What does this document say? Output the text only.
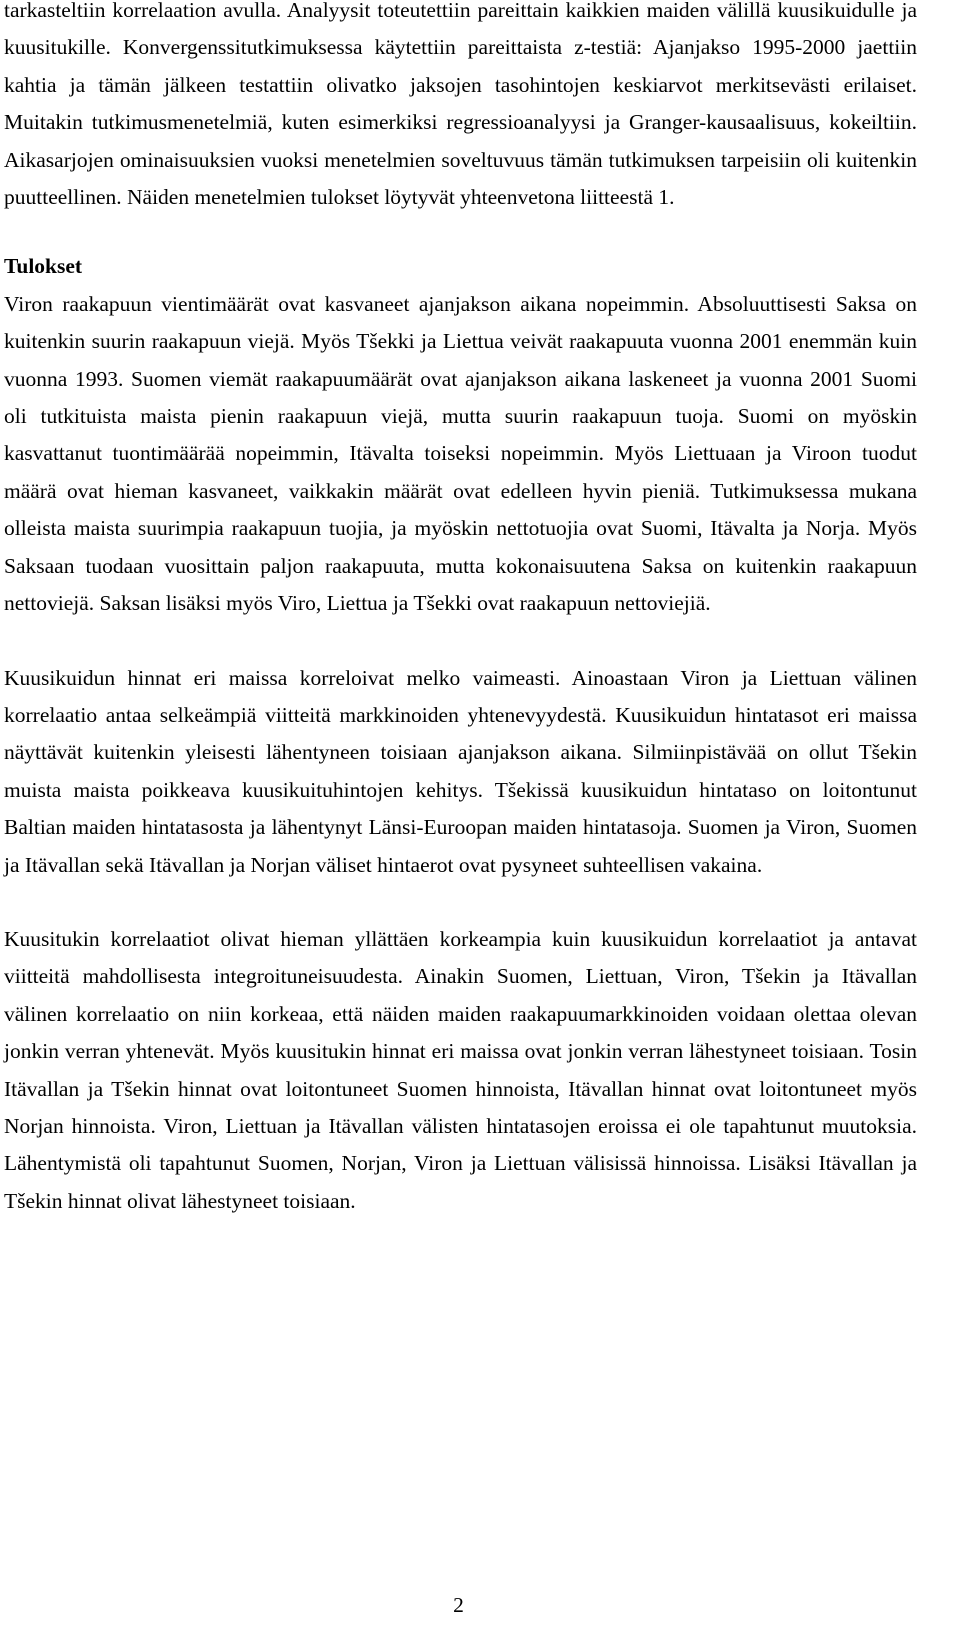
tarkasteltiin korrelaation avulla. Analyysit toteutettiin pareittain kaikkien maiden välillä kuusikuidulle ja kuusitukille. Konvergenssitutkimuksessa käytettiin pareittaista z-testiä: Ajanjakso 1995-2000 jaettiin kahtia ja tämän jälkeen testattiin olivatko jaksojen tasohintojen keskiarvot merkitsevästi erilaiset. Muitakin tutkimusmenetelmiä, kuten esimerkiksi regressioanalyysi ja Granger-kausaalisuus, kokeiltiin. Aikasarjojen ominaisuuksien vuoksi menetelmien soveltuvuus tämän tutkimuksen tarpeisiin oli kuitenkin puutteellinen. Näiden menetelmien tulokset löytyvät yhteenvetona liitteestä 1.

Tulokset

Viron raakapuun vientimäärät ovat kasvaneet ajanjakson aikana nopeimmin. Absoluuttisesti Saksa on kuitenkin suurin raakapuun viejä. Myös Tšekki ja Liettua veivät raakapuuta vuonna 2001 enemmän kuin vuonna 1993. Suomen viemät raakapuumäärät ovat ajanjakson aikana laskeneet ja vuonna 2001 Suomi oli tutkituista maista pienin raakapuun viejä, mutta suurin raakapuun tuoja. Suomi on myöskin kasvattanut tuontimäärää nopeimmin, Itävalta toiseksi nopeimmin. Myös Liettuaan ja Viroon tuodut määrä ovat hieman kasvaneet, vaikkakin määrät ovat edelleen hyvin pieniä. Tutkimuksessa mukana olleista maista suurimpia raakapuun tuojia, ja myöskin nettotuojia ovat Suomi, Itävalta ja Norja. Myös Saksaan tuodaan vuosittain paljon raakapuuta, mutta kokonaisuutena Saksa on kuitenkin raakapuun nettoviejä. Saksan lisäksi myös Viro, Liettua ja Tšekki ovat raakapuun nettoviejiä.

Kuusikuidun hinnat eri maissa korreloivat melko vaimeasti. Ainoastaan Viron ja Liettuan välinen korrelaatio antaa selkeämpiä viitteitä markkinoiden yhtenevyydestä. Kuusikuidun hintatasot eri maissa näyttävät kuitenkin yleisesti lähentyneen toisiaan ajanjakson aikana. Silmiinpistävää on ollut Tšekin muista maista poikkeava kuusikuituhintojen kehitys. Tšekissä kuusikuidun hintataso on loitontunut Baltian maiden hintatasosta ja lähentynyt Länsi-Euroopan maiden hintatasoja. Suomen ja Viron, Suomen ja Itävallan sekä Itävallan ja Norjan väliset hintaerot ovat pysyneet suhteellisen vakaina.

Kuusitukin korrelaatiot olivat hieman yllättäen korkeampia kuin kuusikuidun korrelaatiot ja antavat viitteitä mahdollisesta integroituneisuudesta. Ainakin Suomen, Liettuan, Viron, Tšekin ja Itävallan välinen korrelaatio on niin korkeaa, että näiden maiden raakapuumarkkinoiden voidaan olettaa olevan jonkin verran yhtenevät. Myös kuusitukin hinnat eri maissa ovat jonkin verran lähestyneet toisiaan. Tosin Itävallan ja Tšekin hinnat ovat loitontuneet Suomen hinnoista, Itävallan hinnat ovat loitontuneet myös Norjan hinnoista. Viron, Liettuan ja Itävallan välisten hintatasojen eroissa ei ole tapahtunut muutoksia. Lähentymistä oli tapahtunut Suomen, Norjan, Viron ja Liettuan välisissä hinnoissa. Lisäksi Itävallan ja Tšekin hinnat olivat lähestyneet toisiaan.

2
